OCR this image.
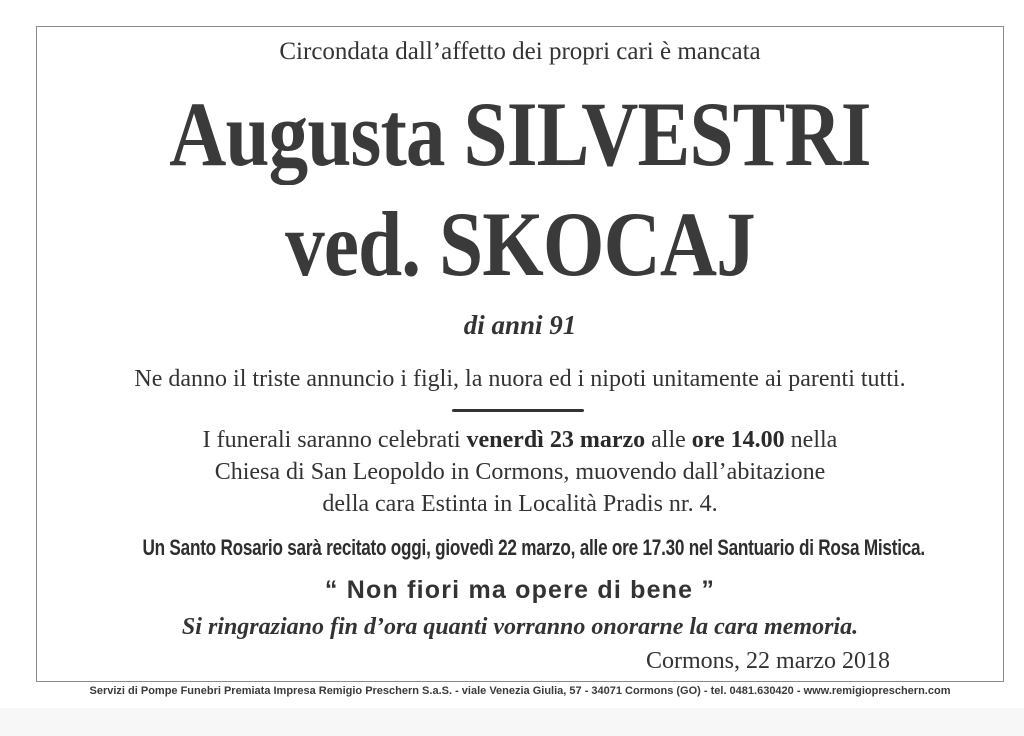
Circondata dall’affetto dei propri cari è mancata
Augusta SILVESTRI
ved. SKOCAJ
di anni 91
Ne danno il triste annuncio i figli, la nuora ed i nipoti unitamente ai parenti tutti.
I funerali saranno celebrati venerdì 23 marzo alle ore 14.00 nella
Chiesa di San Leopoldo in Cormons, muovendo dall’abitazione
della cara Estinta in Località Pradis nr. 4.
Un Santo Rosario sarà recitato oggi, giovedì 22 marzo, alle ore 17.30 nel Santuario di Rosa Mistica.
“ Non fiori ma opere di bene ”
Si ringraziano fin d’ora quanti vorranno onorarne la cara memoria.
Cormons, 22 marzo 2018
Servizi di Pompe Funebri Premiata Impresa Remigio Preschern S.a.S. - viale Venezia Giulia, 57 - 34071 Cormons (GO) - tel. 0481.630420 - www.remigiopreschern.com
